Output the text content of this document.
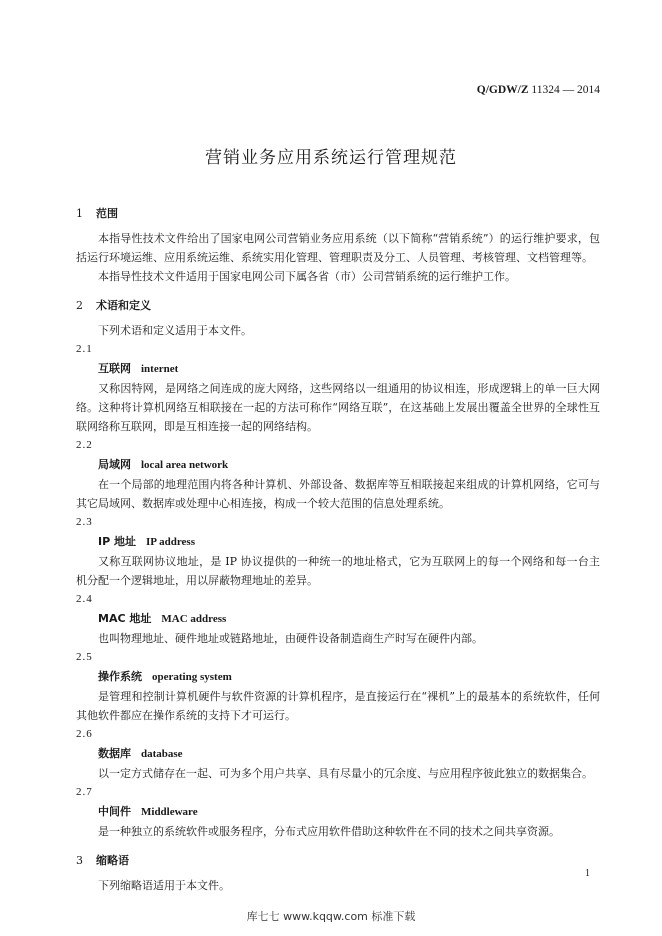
Q/GDW/Z 11324 — 2014
营销业务应用系统运行管理规范
1	范围
本指导性技术文件给出了国家电网公司营销业务应用系统（以下简称“营销系统”）的运行维护要求，包括运行环境运维、应用系统运维、系统实用化管理、管理职责及分工、人员管理、考核管理、文档管理等。
本指导性技术文件适用于国家电网公司下属各省（市）公司营销系统的运行维护工作。
2	术语和定义
下列术语和定义适用于本文件。
2.1
互联网 internet
又称因特网，是网络之间连成的庞大网络，这些网络以一组通用的协议相连，形成逻辑上的单一巨大网络。这种将计算机网络互相联接在一起的方法可称作“网络互联”，在这基础上发展出覆盖全世界的全球性互联网络称互联网，即是互相连接一起的网络结构。
2.2
局域网 local area network
在一个局部的地理范围内将各种计算机、外部设备、数据库等互相联接起来组成的计算机网络，它可与其它局域网、数据库或处理中心相连接，构成一个较大范围的信息处理系统。
2.3
IP 地址 IP address
又称互联网协议地址，是 IP 协议提供的一种统一的地址格式，它为互联网上的每一个网络和每一台主机分配一个逻辑地址，用以屏蔽物理地址的差异。
2.4
MAC 地址 MAC address
也叫物理地址、硬件地址或链路地址，由硬件设备制造商生产时写在硬件内部。
2.5
操作系统 operating system
是管理和控制计算机硬件与软件资源的计算机程序，是直接运行在“裸机”上的最基本的系统软件，任何其他软件都应在操作系统的支持下才可运行。
2.6
数据库 database
以一定方式储存在一起、可为多个用户共享、具有尽量小的冗余度、与应用程序彼此独立的数据集合。
2.7
中间件 Middleware
是一种独立的系统软件或服务程序，分布式应用软件借助这种软件在不同的技术之间共享资源。
3	缩略语
下列缩略语适用于本文件。
1
库七七 www.kqqw.com 标准下载
